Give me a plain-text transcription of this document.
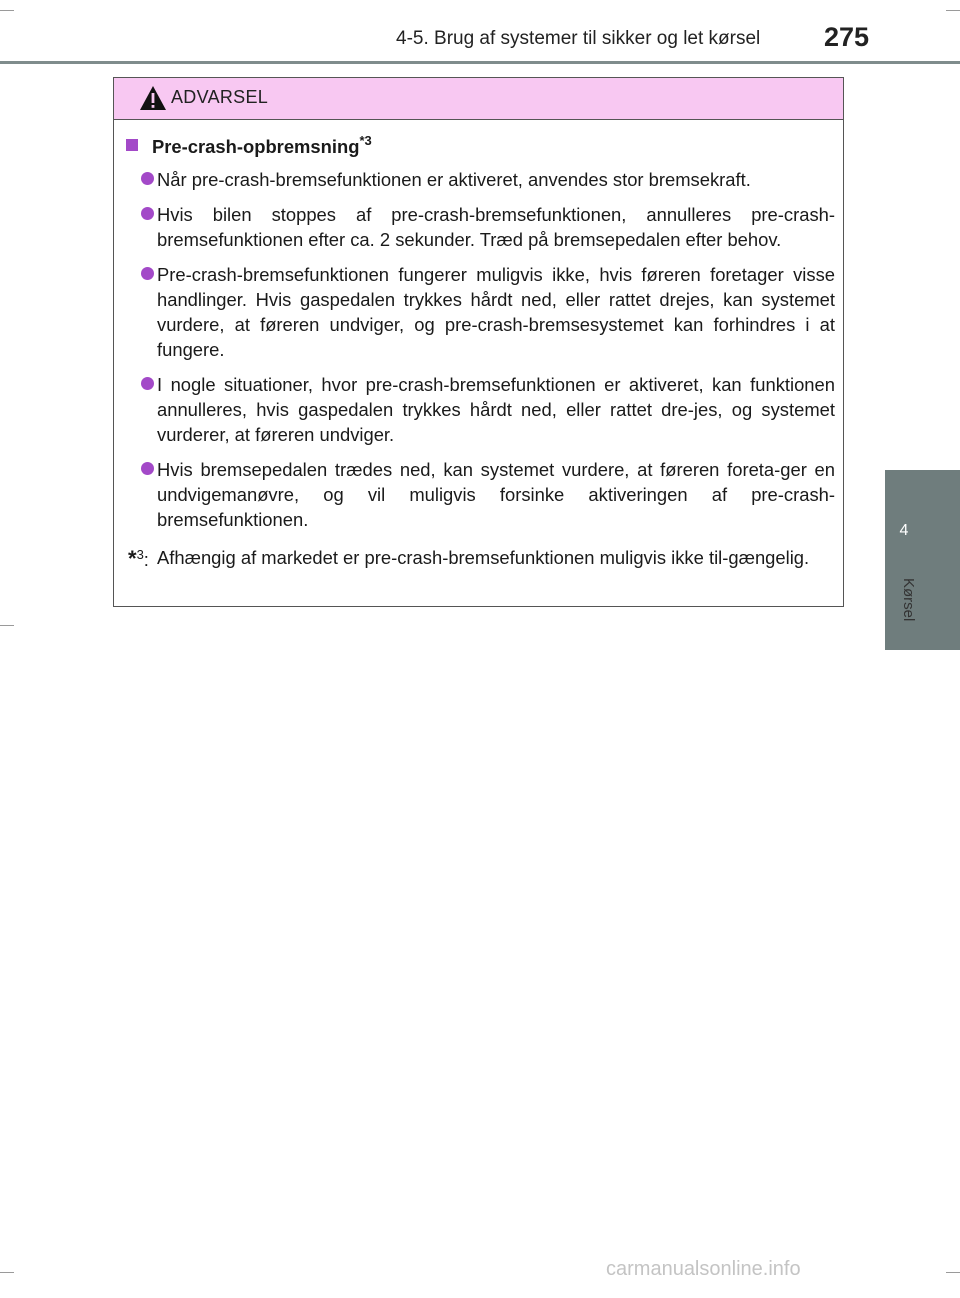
4-5. Brug af systemer til sikker og let kørsel 275
4
Kørsel
ADVARSEL
Pre-crash-opbremsning$^{*3}$
Når pre-crash-bremsefunktionen er aktiveret, anvendes stor bremsekraft.
Hvis bilen stoppes af pre-crash-bremsefunktionen, annulleres pre-crash-bremsefunktionen efter ca. 2 sekunder. Træd på bremsepedalen efter behov.
Pre-crash-bremsefunktionen fungerer muligvis ikke, hvis føreren foretager visse handlinger. Hvis gaspedalen trykkes hårdt ned, eller rattet drejes, kan systemet vurdere, at føreren undviger, og pre-crash-bremsesystemet kan forhindres i at fungere.
I nogle situationer, hvor pre-crash-bremsefunktionen er aktiveret, kan funktionen annulleres, hvis gaspedalen trykkes hårdt ned, eller rattet dre-jes, og systemet vurderer, at føreren undviger.
Hvis bremsepedalen trædes ned, kan systemet vurdere, at føreren foreta-ger en undvigemanøvre, og vil muligvis forsinke aktiveringen af pre-crash-bremsefunktionen.
*$^3$: Afhængig af markedet er pre-crash-bremsefunktionen muligvis ikke til-gængelig.
carmanualsonline.info
